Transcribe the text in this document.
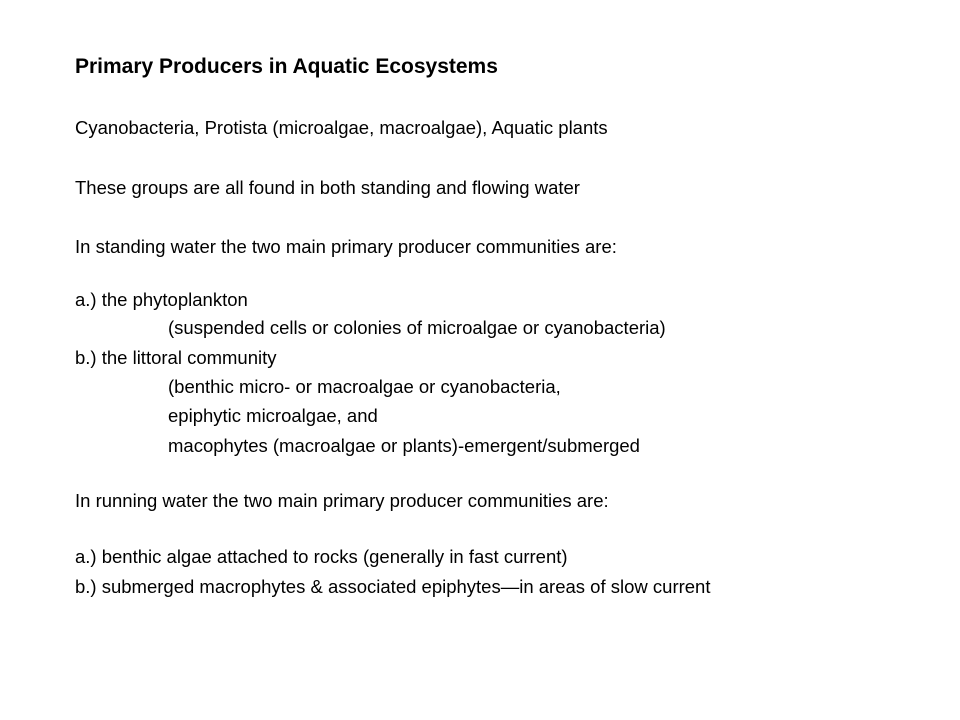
Primary Producers in Aquatic Ecosystems
Cyanobacteria, Protista (microalgae, macroalgae), Aquatic plants
These groups are all found in both standing and flowing water
In standing water the two main primary producer communities are:
a.) the phytoplankton
(suspended cells or colonies of microalgae or cyanobacteria)
b.) the littoral community
(benthic micro- or macroalgae or cyanobacteria,
epiphytic microalgae, and
macophytes (macroalgae or plants)-emergent/submerged
In running water the two main primary producer communities are:
a.) benthic algae attached to rocks (generally in fast current)
b.) submerged macrophytes & associated epiphytes—in areas of slow current
